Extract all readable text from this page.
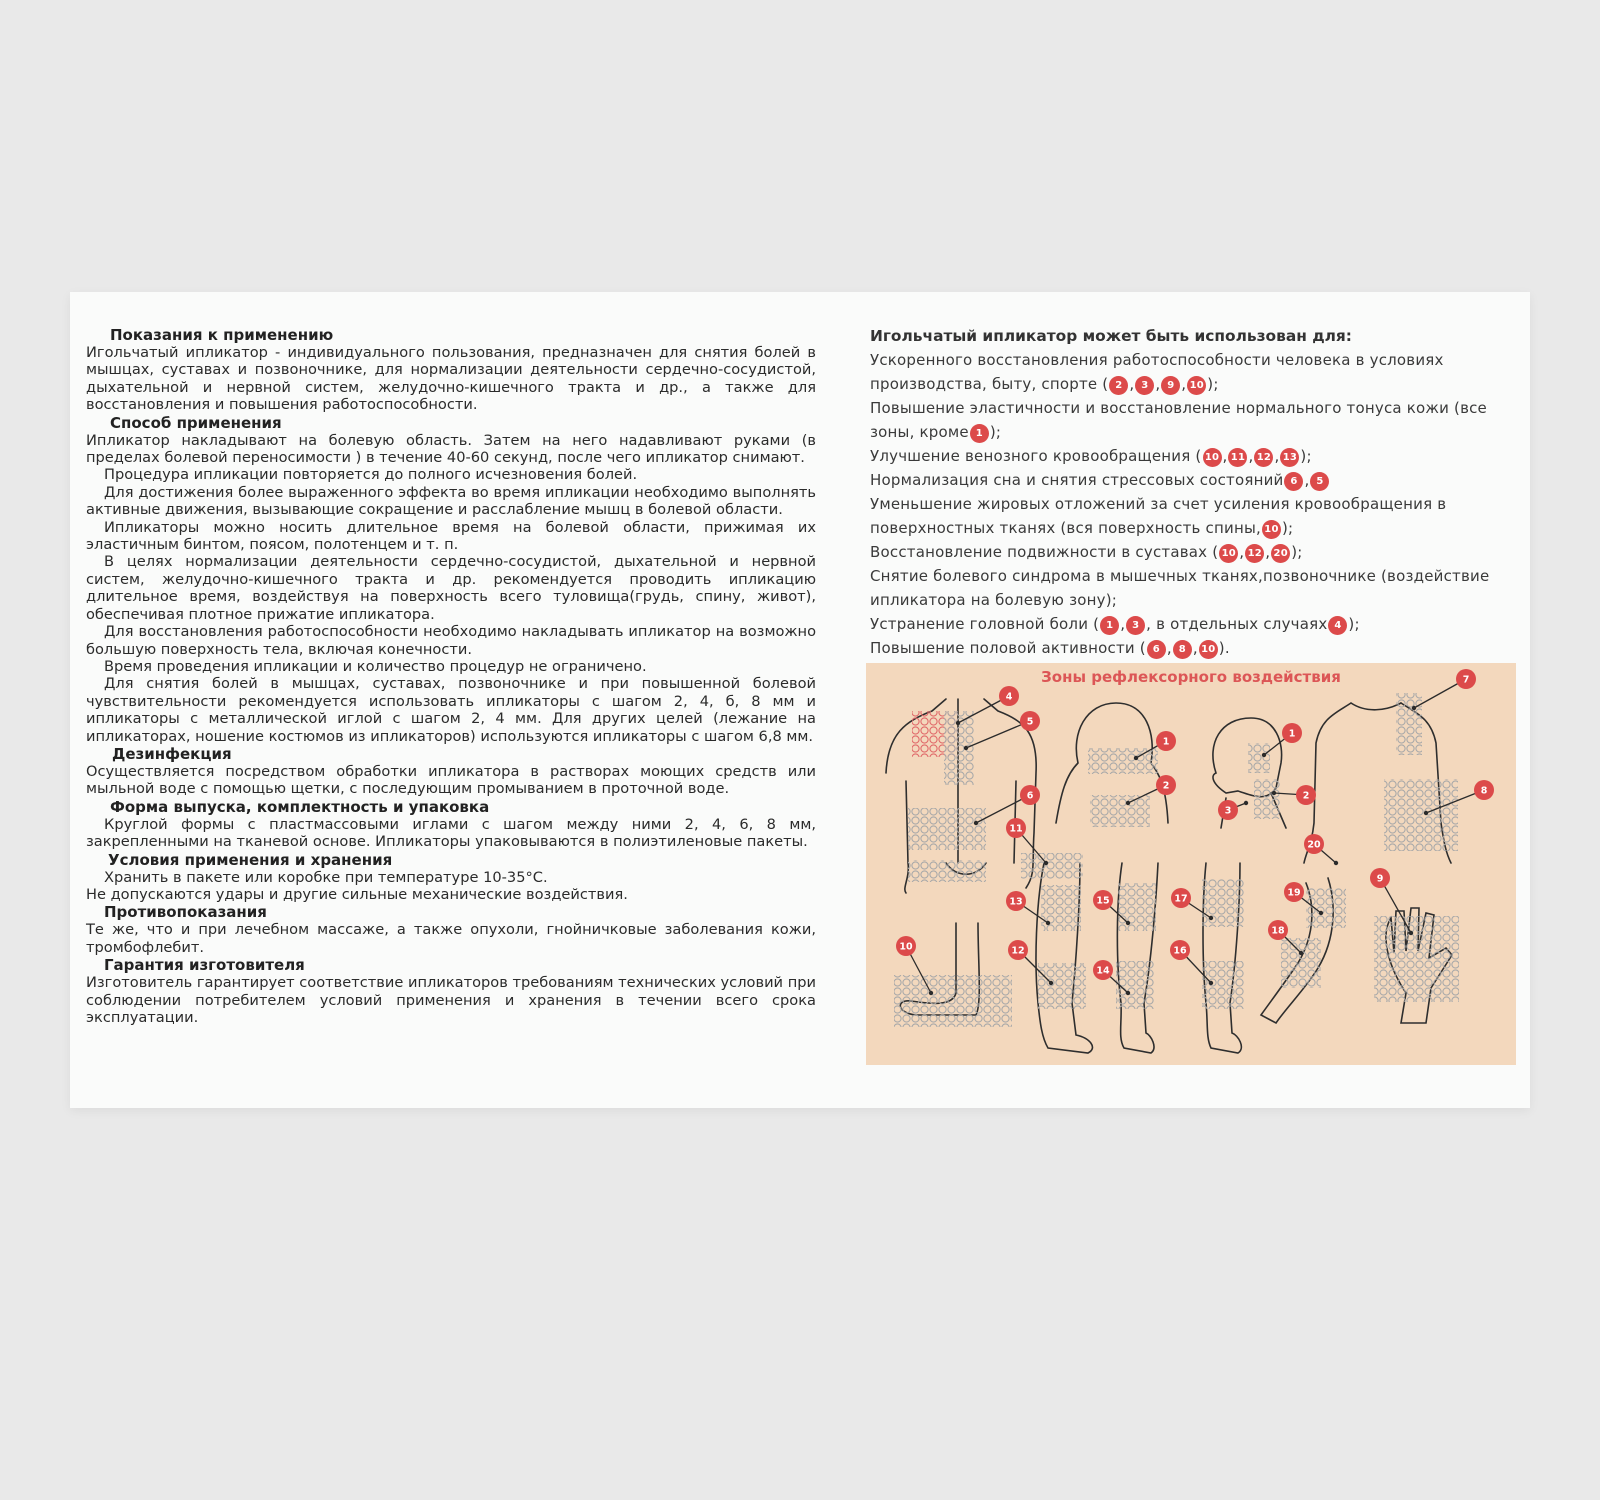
Показания к применению

Игольчатый ипликатор - индивидуального пользования, предназначен для снятия болей в мышцах, суставах и позвоночнике, для нормализации деятельности сердечно-сосудистой, дыхательной и нервной систем, желудочно-кишечного тракта и др., а также для восстановления и повышения работоспособности.

Способ применения

Ипликатор накладывают на болевую область. Затем на него надавливают руками (в пределах болевой переносимости ) в течение 40-60 секунд, после чего ипликатор снимают.

Процедура ипликации повторяется до полного исчезновения болей.

Для достижения более выраженного эффекта во время ипликации необходимо выполнять активные движения, вызывающие сокращение и расслабление мышц в болевой области.

Ипликаторы можно носить длительное время на болевой области, прижимая их эластичным бинтом, поясом, полотенцем и т. п.

В целях нормализации деятельности сердечно-сосудистой, дыхательной и нервной систем, желудочно-кишечного тракта и др. рекомендуется проводить ипликацию длительное время, воздействуя на поверхность всего туловища(грудь, спину, живот), обеспечивая плотное прижатие ипликатора.

Для восстановления работоспособности необходимо накладывать ипликатор на возможно большую поверхность тела, включая конечности.

Время проведения ипликации и количество процедур не ограничено.

Для снятия болей в мышцах, суставах, позвоночнике и при повышенной болевой чувствительности рекомендуется использовать ипликаторы с шагом 2, 4, б, 8 мм и ипликаторы с металлической иглой с шагом 2, 4 мм. Для других целей (лежание на ипликаторах, ношение костюмов из ипликаторов) используются ипликаторы с шагом 6,8 мм.

Дезинфекция

Осуществляется посредством обработки ипликатора в растворах моющих средств или мыльной воде с помощью щетки, с последующим промыванием в проточной воде.

Форма выпуска, комплектность и упаковка

Круглой формы с пластмассовыми иглами с шагом между ними 2, 4, 6, 8 мм, закрепленными на тканевой основе. Ипликаторы упаковываются в полиэтиленовые пакеты.

Условия применения и хранения

Хранить в пакете или коробке при температуре 10-35°С.

Не допускаются удары и другие сильные механические воздействия.

Противопоказания

Те же, что и при лечебном массаже, а также опухоли, гнойничковые заболевания кожи, тромбофлебит.

Гарантия изготовителя

Изготовитель гарантирует соответствие ипликаторов требованиям технических условий при соблюдении потребителем условий применения и хранения в течении всего срока эксплуатации.

Игольчатый ипликатор может быть использован для:

Ускоренного восстановления работоспособности человека в условиях производства, быту, спорте ( 2 , 3 , 9 , 10 );

Повышение эластичности и восстановление нормального тонуса кожи (все зоны, кроме 1 );

Улучшение венозного кровообращения ( 10 , 11 , 12 , 13 );

Нормализация сна и снятия стрессовых состояний 6 , 5

Уменьшение жировых отложений за счет усиления кровообращения в поверхностных тканях (вся поверхность спины, 10 );

Восстановление подвижности в суставах ( 10 , 12 , 20 );

Снятие болевого синдрома в мышечных тканях,позвоночнике (воздействие ипликатора на болевую зону);

Устранение головной боли ( 1 , 3 , в отдельных случаях 4 );

Повышение половой активности ( 6 , 8 , 10 ).

Зоны рефлексорного воздействия
1
1
2
2
3
4
5
6
7
8
9
10
11
12
13
14
15
16
17
18
19
20
